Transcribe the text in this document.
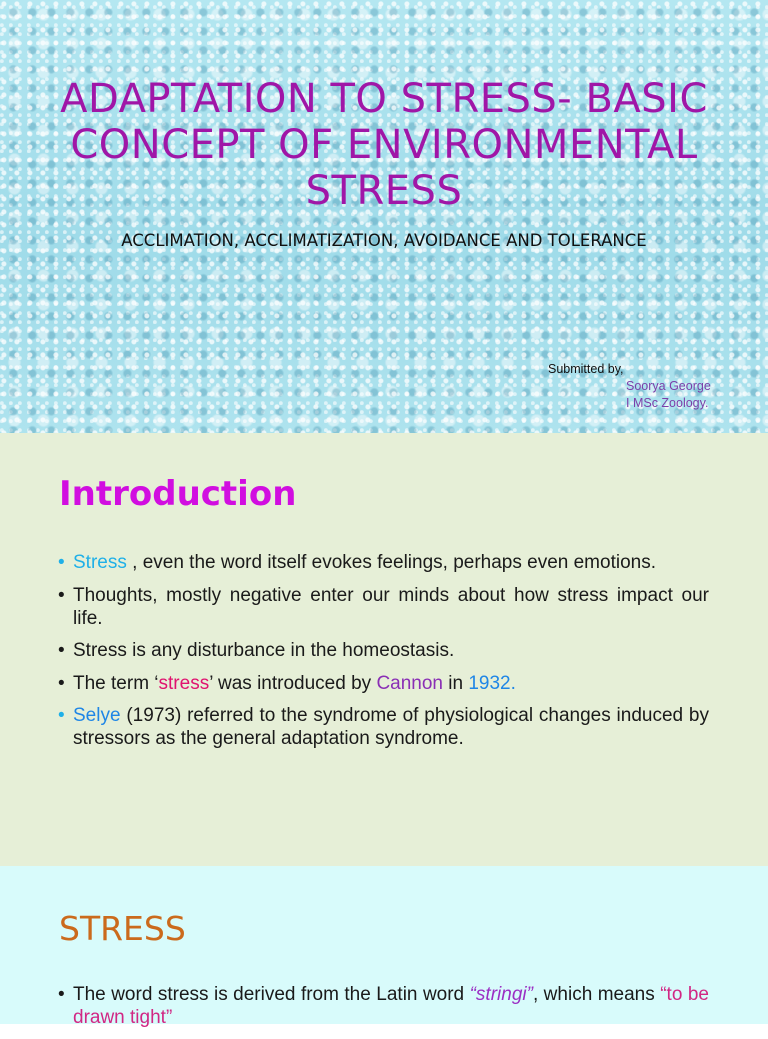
ADAPTATION TO STRESS- BASIC CONCEPT OF ENVIRONMENTAL STRESS

ACCLIMATION, ACCLIMATIZATION, AVOIDANCE AND TOLERANCE

Submitted by,
Soorya George
I MSc Zoology.
Introduction
• Stress , even the word itself evokes feelings, perhaps even emotions.
• Thoughts, mostly negative enter our minds about how stress impact our life.
• Stress is any disturbance in the homeostasis.
• The term ‘stress’ was introduced by Cannon in 1932.
• Selye (1973) referred to the syndrome of physiological changes induced by stressors as the general adaptation syndrome.
STRESS
• The word stress is derived from the Latin word “stringi”, which means “to be drawn tight”
